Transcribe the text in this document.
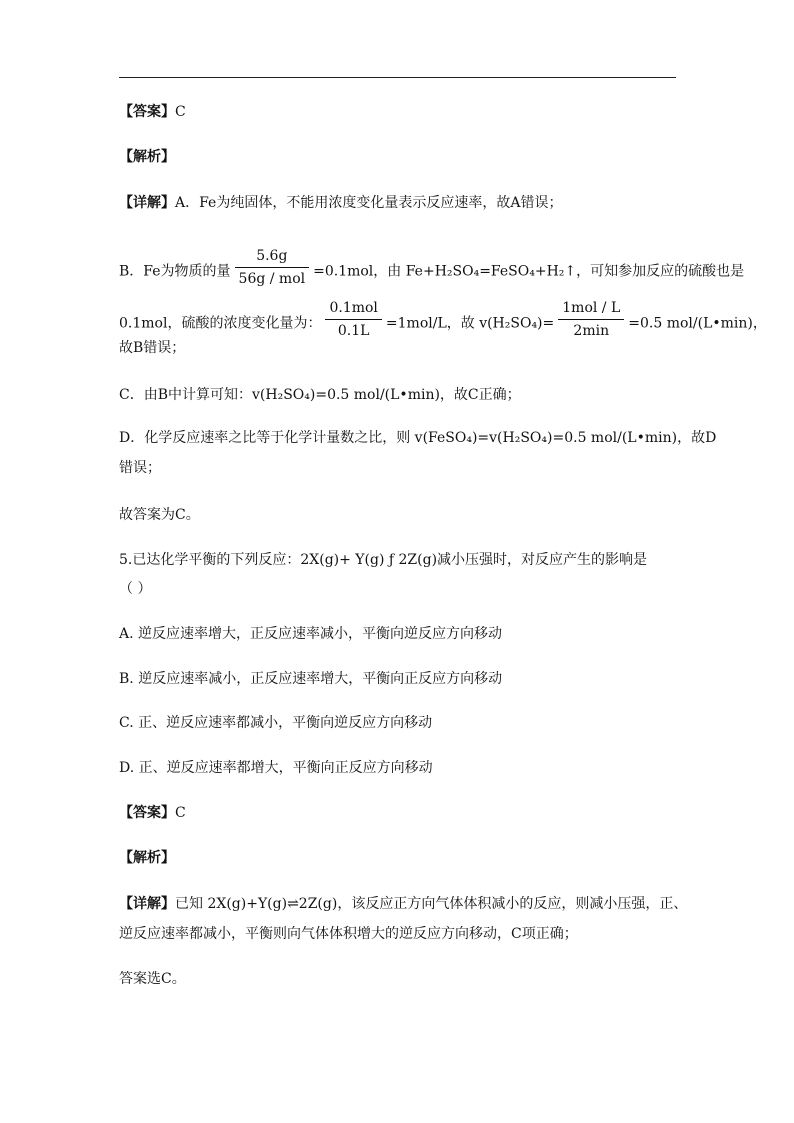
【答案】C
【解析】
【详解】A．Fe为纯固体，不能用浓度变化量表示反应速率，故A错误；
B．Fe为物质的量 $\frac{5.6g}{\text{56g / mol}} =0.1mol$，由 Fe+H₂SO₄=FeSO₄+H₂↑，可知参加反应的硫酸也是
0.1mol，硫酸的浓度变化量为： $\frac{\text{0.1mol}}{0.1L} =1mol/L$，故 $v(H_2SO_4)= \frac{\text{1mol / L}}{2\min} =0.5$ mol/(L•min)，
故B错误；
C．由B中计算可知：v(H₂SO₄)=0.5 mol/(L•min)，故C正确；
D．化学反应速率之比等于化学计量数之比，则 v(FeSO₄)=v(H₂SO₄)=0.5 mol/(L•min)，故D
错误；
故答案为C。
5.已达化学平衡的下列反应：2X(g)+ Y(g) ƒ 2Z(g)减小压强时，对反应产生的影响是
（ ）
A. 逆反应速率增大，正反应速率减小，平衡向逆反应方向移动
B. 逆反应速率减小，正反应速率增大，平衡向正反应方向移动
C. 正、逆反应速率都减小，平衡向逆反应方向移动
D. 正、逆反应速率都增大，平衡向正反应方向移动
【答案】C
【解析】
【详解】已知 2X(g)+Y(g)⇌2Z(g)，该反应正方向气体体积减小的反应，则减小压强，正、
逆反应速率都减小，平衡则向气体体积增大的逆反应方向移动，C项正确；
答案选C。
